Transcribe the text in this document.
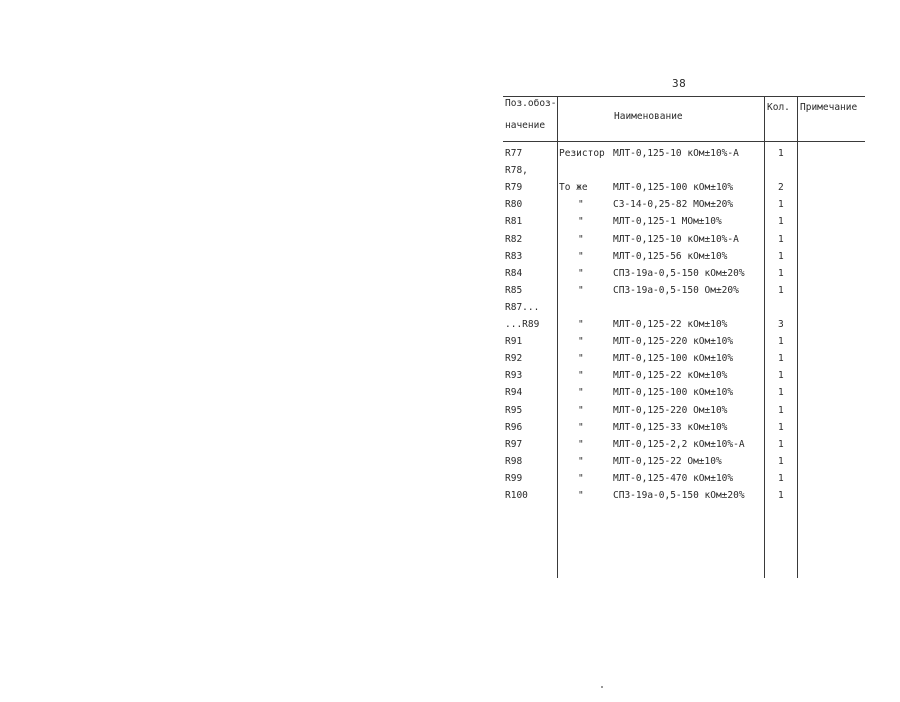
38
Поз.обоз-
начение
Наименование
Кол. Примечание
R77	Резистор МЛТ-0,125-10 кОм±10%-А	1
R78,
R79	То же	МЛТ-0,125-100 кОм±10%	2
R80	"	С3-14-0,25-82 МОм±20%	1
R81	"	МЛТ-0,125-1 МОм±10%	1
R82	"	МЛТ-0,125-10 кОм±10%-А	1
R83	"	МЛТ-0,125-56 кОм±10%	1
R84	"	СП3-19а-0,5-150 кОм±20%	1
R85	"	СП3-19а-0,5-150 Ом±20%	1
R87...
...R89	"	МЛТ-0,125-22 кОм±10%	3
R91	"	МЛТ-0,125-220 кОм±10%	1
R92	"	МЛТ-0,125-100 кОм±10%	1
R93	"	МЛТ-0,125-22 кОм±10%	1
R94	"	МЛТ-0,125-100 кОм±10%	1
R95	"	МЛТ-0,125-220 Ом±10%	1
R96	"	МЛТ-0,125-33 кОм±10%	1
R97	"	МЛТ-0,125-2,2 кОм±10%-А	1
R98	"	МЛТ-0,125-22 Ом±10%	1
R99	"	МЛТ-0,125-470 кОм±10%	1
R100	"	СП3-19а-0,5-150 кОм±20%	1
